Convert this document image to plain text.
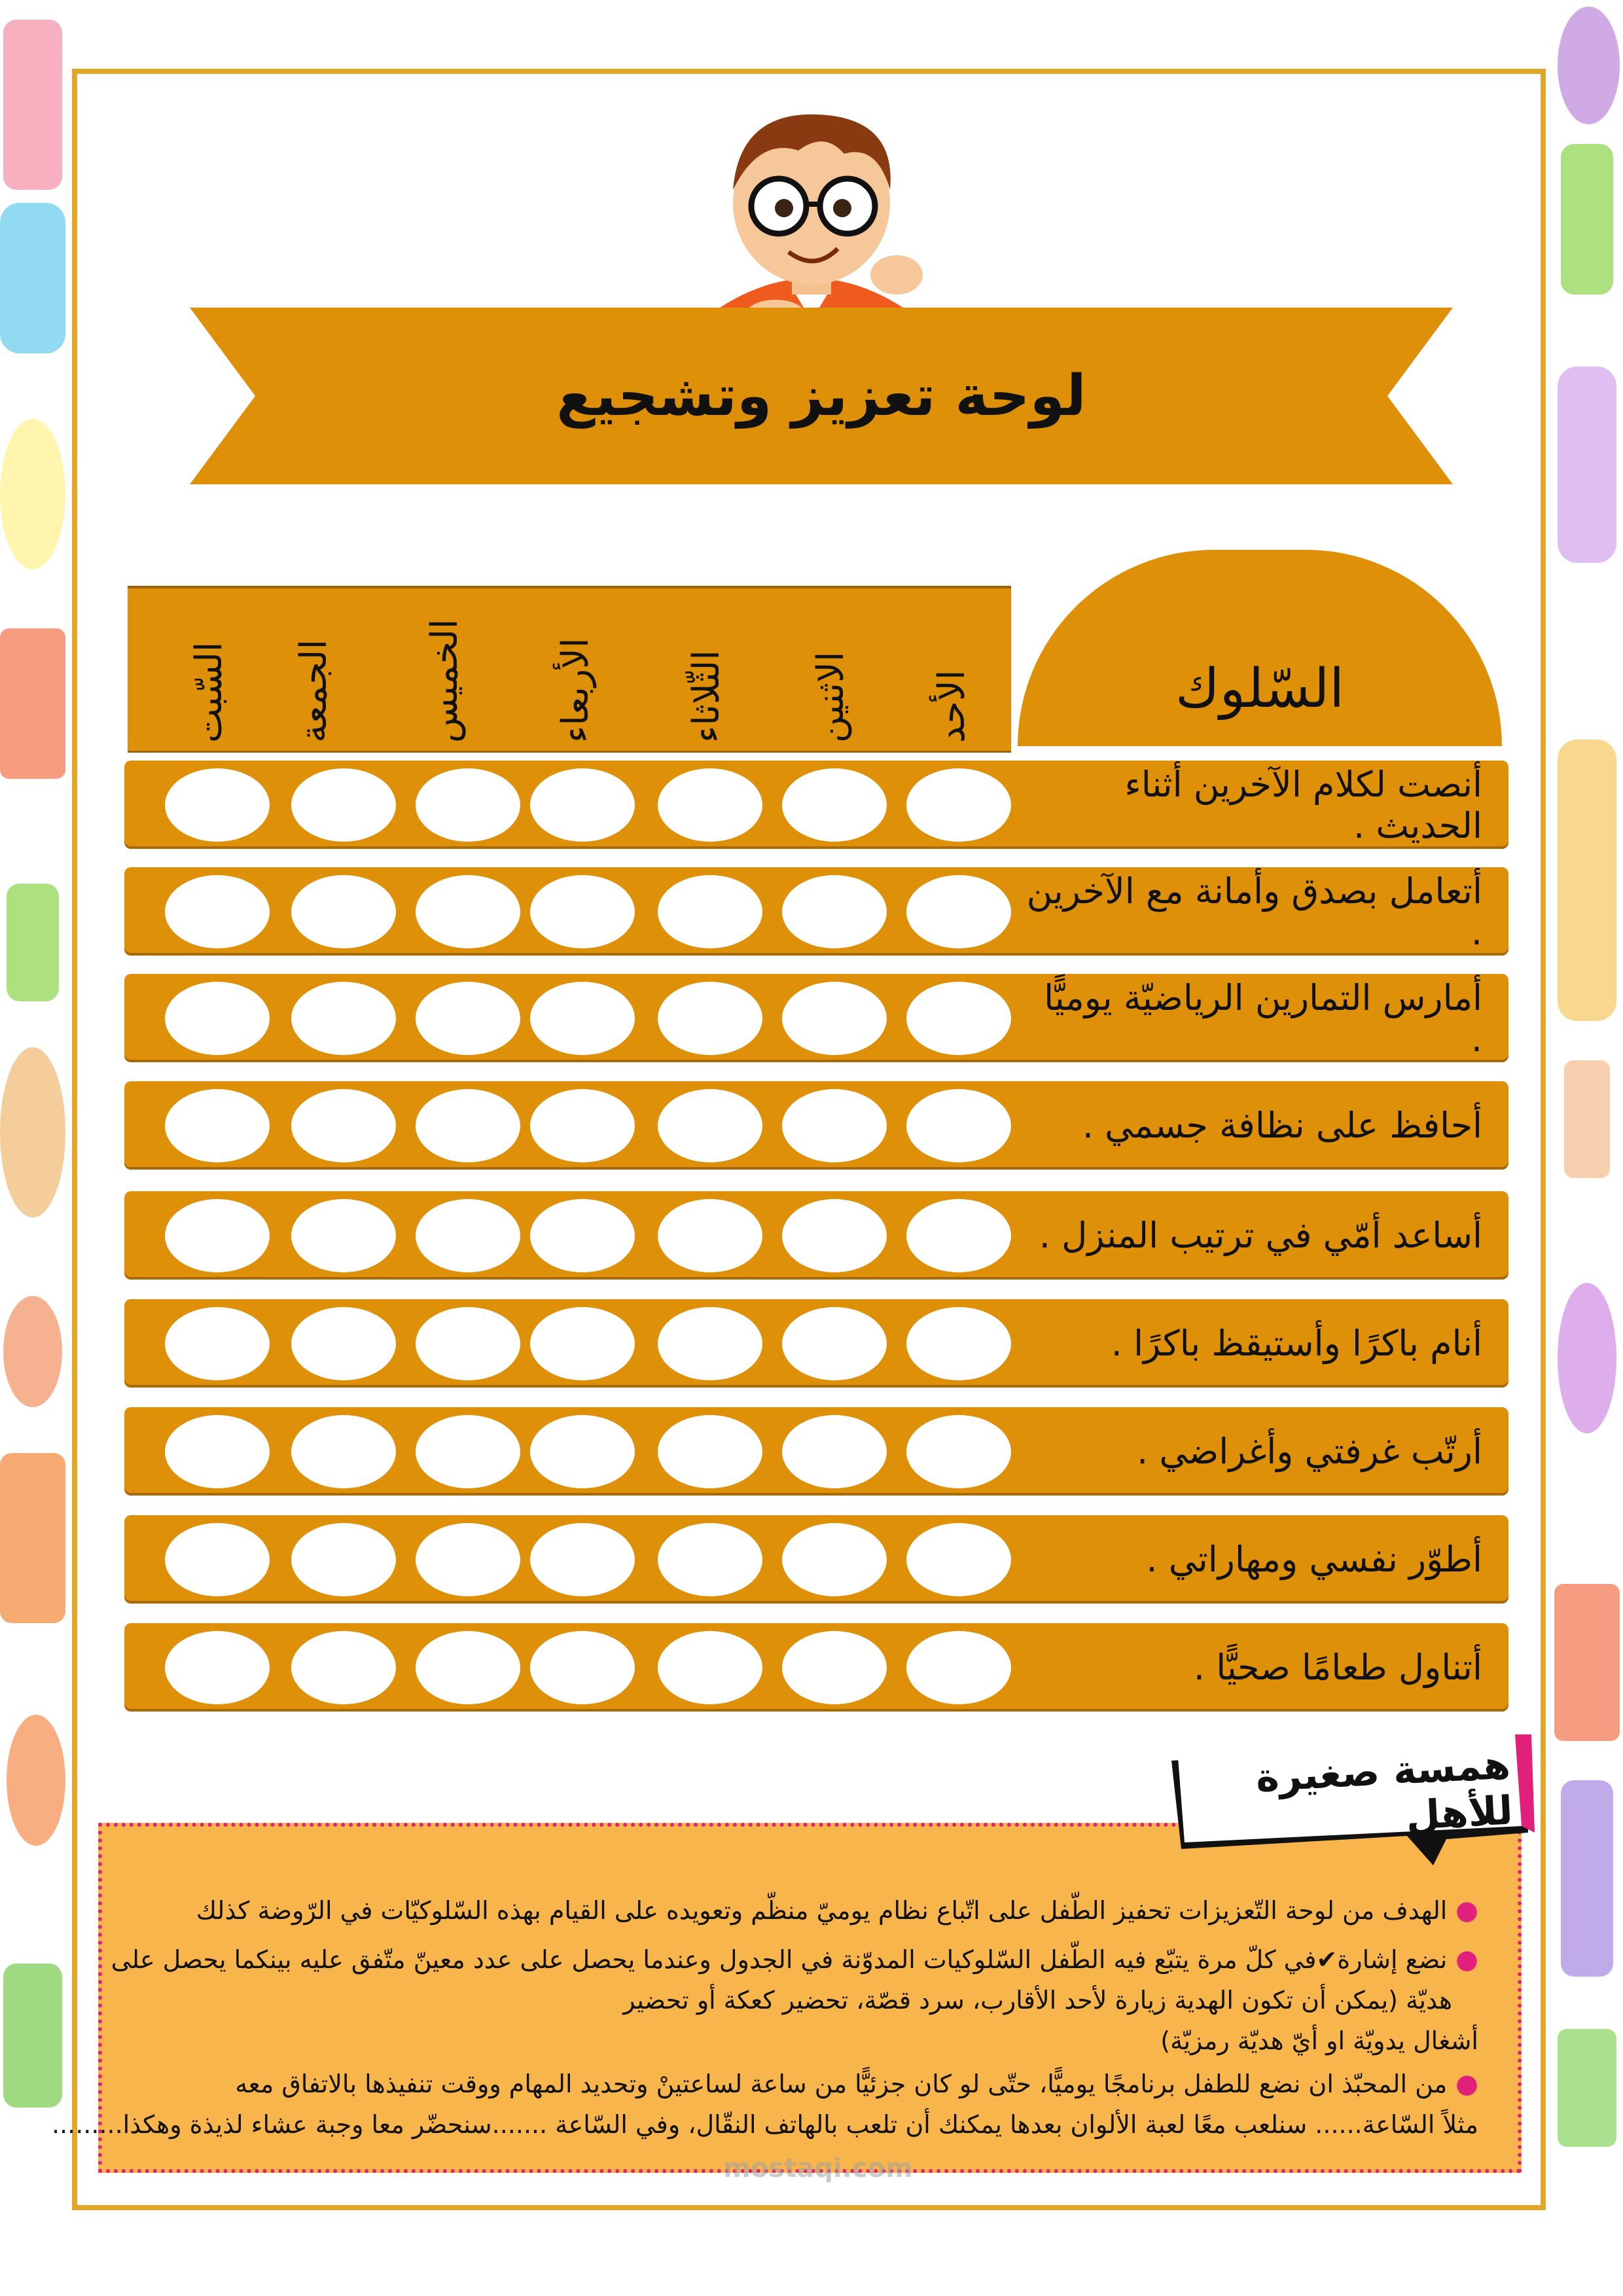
لوحة تعزيز وتشجيع
الأحد
الاثنين
الثّلاثاء
الأربعاء
الخميس
الجمعة
السّبت	السّلوك
أنصت لكلام الآخرين أثناء الحديث .
أتعامل بصدق وأمانة مع الآخرين .
أمارس التمارين الرياضيّة يوميًّا .
أحافظ على نظافة جسمي .
أساعد أمّي في ترتيب المنزل .
أنام باكرًا وأستيقظ باكرًا .
أرتّب غرفتي وأغراضي .
أطوّر نفسي ومهاراتي .
أتناول طعامًا صحيًّا .
● الهدف من لوحة التّعزيزات تحفيز الطّفل على اتّباع نظام يوميّ منظّم وتعويده على القيام بهذه السّلوكيّات في الرّوضة كذلك
● نضع إشارة✔في كلّ مرة يتبّع فيه الطّفل السّلوكيات المدوّنة في الجدول وعندما يحصل على عدد معينّ متّفق عليه بينكما يحصل على
هديّة (يمكن أن تكون الهدية زيارة لأحد الأقارب، سرد قصّة، تحضير كعكة أو تحضير
أشغال يدويّة او أيّ هديّة رمزيّة)
● من المحبّذ ان نضع للطفل برنامجًا يوميًّا، حتّى لو كان جزئيًّا من ساعة لساعتينْ وتحديد المهام ووقت تنفيذها بالاتفاق معه
مثلاً السّاعة...... سنلعب معًا لعبة الألوان بعدها يمكنك أن تلعب بالهاتف النقّال، وفي السّاعة .......سنحضّر معا وجبة عشاء لذيذة وهكذا.........
همسة صغيرة للأهل
mostaqi.com
